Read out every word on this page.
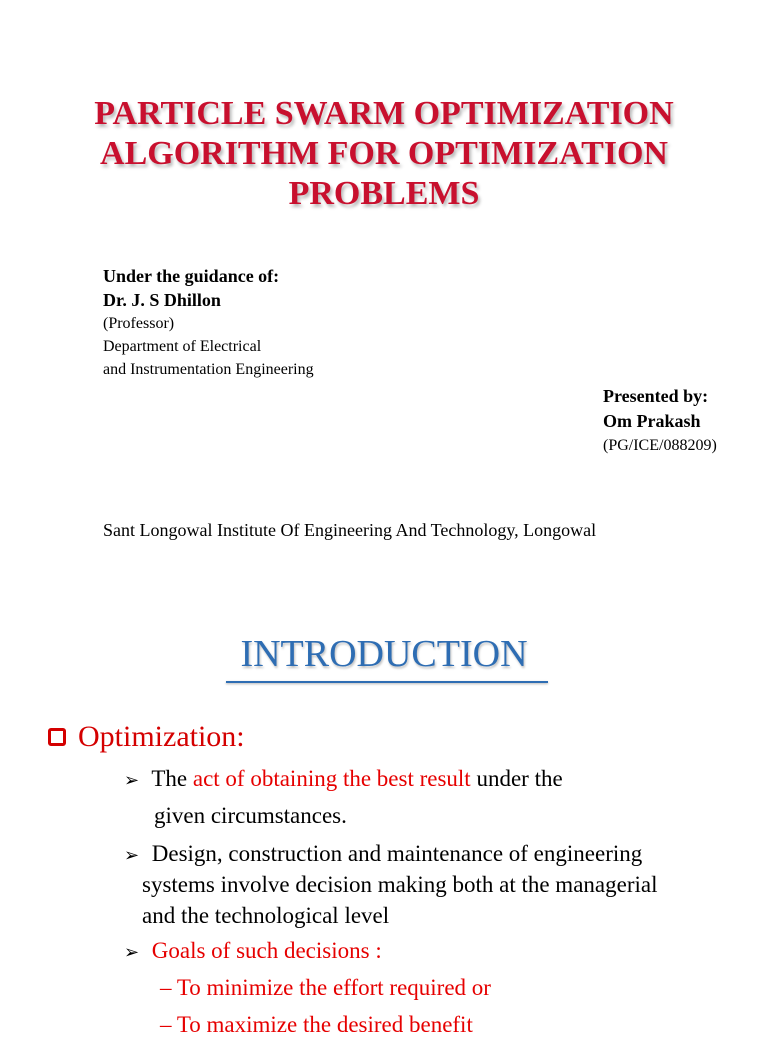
PARTICLE SWARM OPTIMIZATION
ALGORITHM FOR OPTIMIZATION
PROBLEMS
Under the guidance of:
Dr. J. S Dhillon
(Professor)
Department of Electrical
and Instrumentation Engineering
Presented by:
Om Prakash
(PG/ICE/088209)
Sant Longowal Institute Of Engineering And Technology, Longowal
INTRODUCTION
Optimization:
➢ The act of obtaining the best result under the
given circumstances.
➢ Design, construction and maintenance of engineering
systems involve decision making both at the managerial
and the technological level
➢ Goals of such decisions :
– To minimize the effort required or
– To maximize the desired benefit
